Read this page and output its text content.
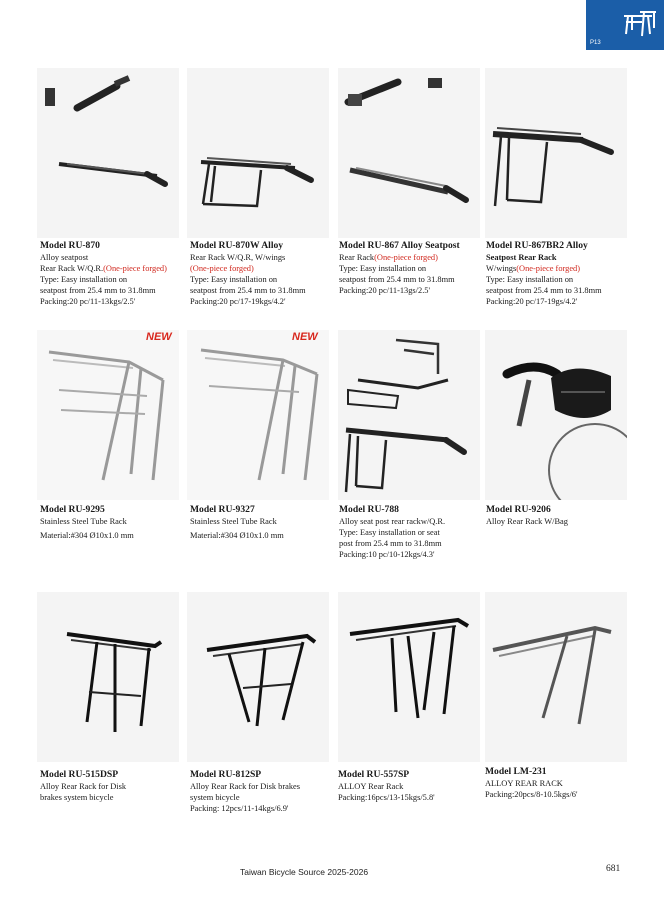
P13
Model RU-870
Alloy seatpost
Rear Rack W/Q.R.(One-piece forged)
Type: Easy installation on
seatpost from 25.4 mm to 31.8mm
Packing:20 pc/11-13kgs/2.5'
Model RU-870W Alloy
Rear Rack W/Q.R, W/wings
(One-piece forged)
Type: Easy installation on
seatpost from 25.4 mm to 31.8mm
Packing:20 pc/17-19kgs/4.2'
Model RU-867 Alloy Seatpost
Rear Rack(One-piece forged)
Type: Easy installation on
seatpost from 25.4 mm to 31.8mm
Packing:20 pc/11-13gs/2.5'
Model RU-867BR2 Alloy
Seatpost Rear Rack
W/wings(One-piece forged)
Type: Easy installation on
seatpost from 25.4 mm to 31.8mm
Packing:20 pc/17-19gs/4.2'
NEW	NEW
Model RU-9295
Stainless Steel Tube Rack
Material:#304 Ø10x1.0 mm
Model RU-9327
Stainless Steel Tube Rack
Material:#304 Ø10x1.0 mm
Model RU-788
Alloy seat post rear rackw/Q.R.
Type: Easy installation or seat
post from 25.4 mm to 31.8mm
Packing:10 pc/10-12kgs/4.3'
Model RU-9206
Alloy Rear Rack W/Bag
Model RU-515DSP
Alloy Rear Rack for Disk
brakes system bicycle
Model RU-812SP
Alloy Rear Rack for Disk brakes
system bicycle
Packing: 12pcs/11-14kgs/6.9'
Model RU-557SP
ALLOY Rear Rack
Packing:16pcs/13-15kgs/5.8'
Model LM-231
ALLOY REAR RACK
Packing:20pcs/8-10.5kgs/6'
Taiwan Bicycle Source 2025-2026	681
